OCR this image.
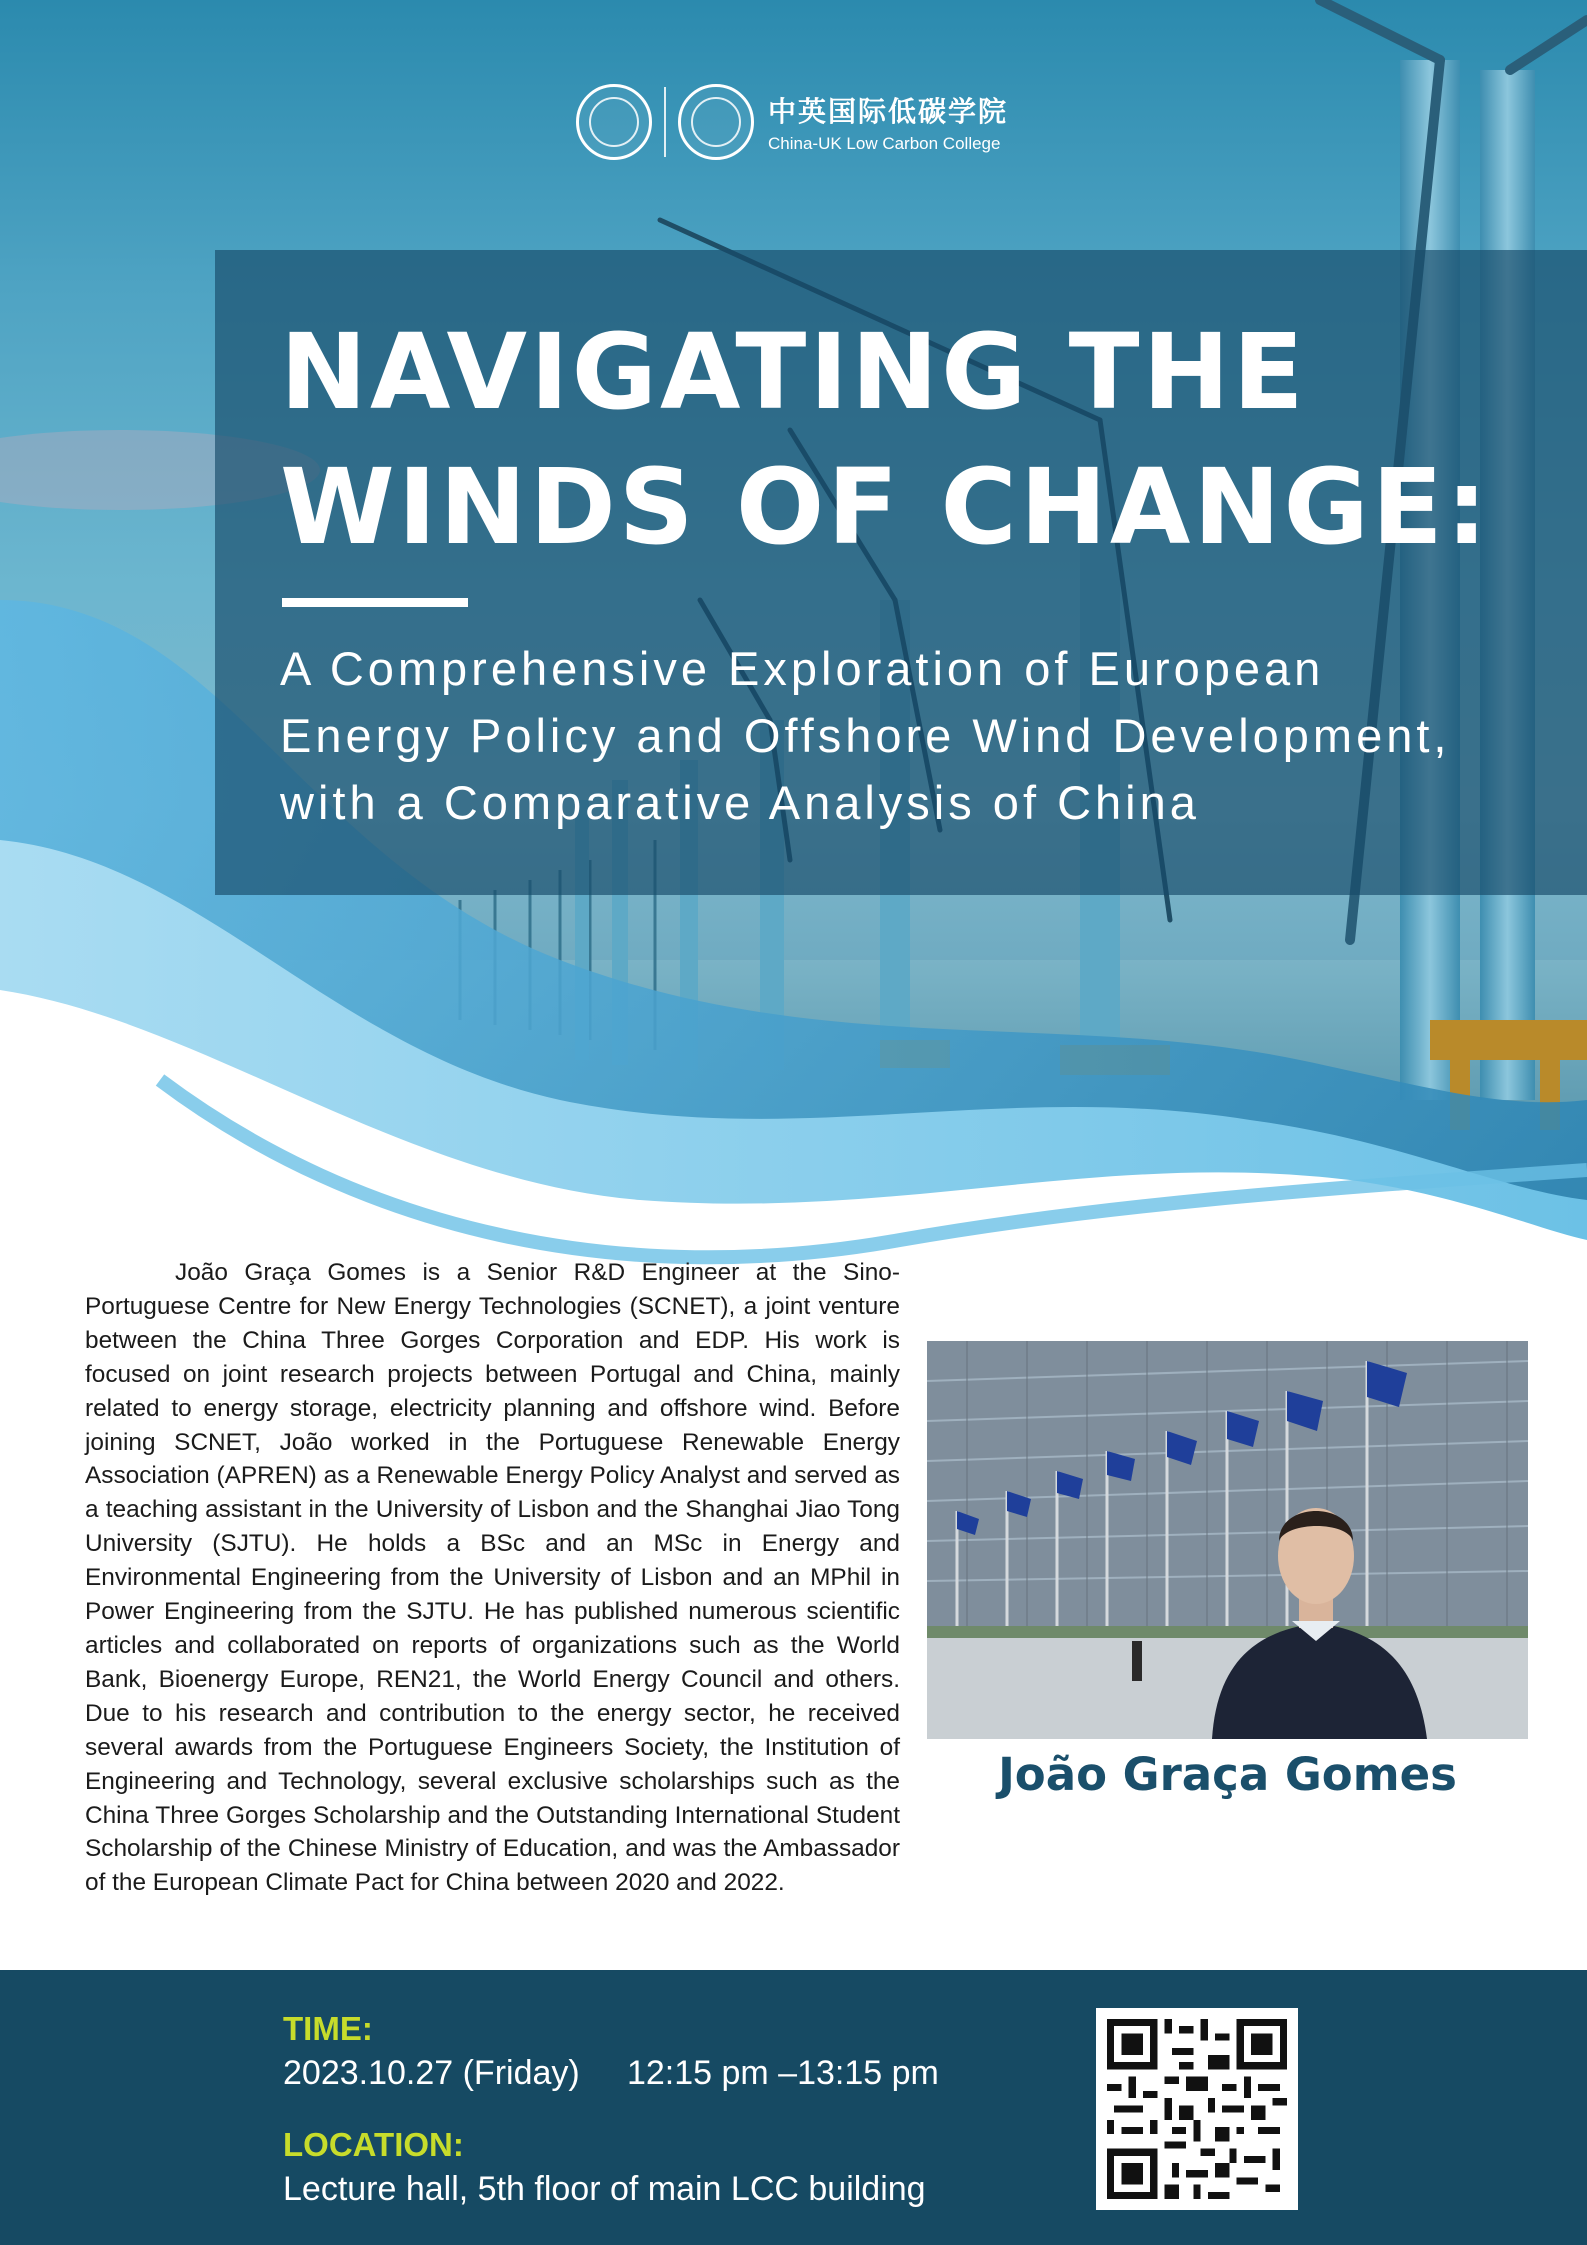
中英国际低碳学院
China-UK Low Carbon College
NAVIGATING THE
WINDS OF CHANGE:
A Comprehensive Exploration of European
Energy Policy and Offshore Wind Development,
with a Comparative Analysis of China

João Graça Gomes is a Senior R&D Engineer at the Sino-Portuguese Centre for New Energy Technologies (SCNET), a joint venture between the China Three Gorges Corporation and EDP. His work is focused on joint research projects between Portugal and China, mainly related to energy storage, electricity planning and offshore wind. Before joining SCNET, João worked in the Portuguese Renewable Energy Association (APREN) as a Renewable Energy Policy Analyst and served as a teaching assistant in the University of Lisbon and the Shanghai Jiao Tong University (SJTU). He holds a BSc and an MSc in Energy and Environmental Engineering from the University of Lisbon and an MPhil in Power Engineering from the SJTU. He has published numerous scientific articles and collaborated on reports of organizations such as the World Bank, Bioenergy Europe, REN21, the World Energy Council and others. Due to his research and contribution to the energy sector, he received several awards from the Portuguese Engineers Society, the Institution of Engineering and Technology, several exclusive scholarships such as the China Three Gorges Scholarship and the Outstanding International Student Scholarship of the Chinese Ministry of Education, and was the Ambassador of the European Climate Pact for China between 2020 and 2022.

João Graça Gomes
TIME:
2023.10.27 (Friday)     12:15 pm –13:15 pm
LOCATION:
Lecture hall, 5th floor of main LCC building
